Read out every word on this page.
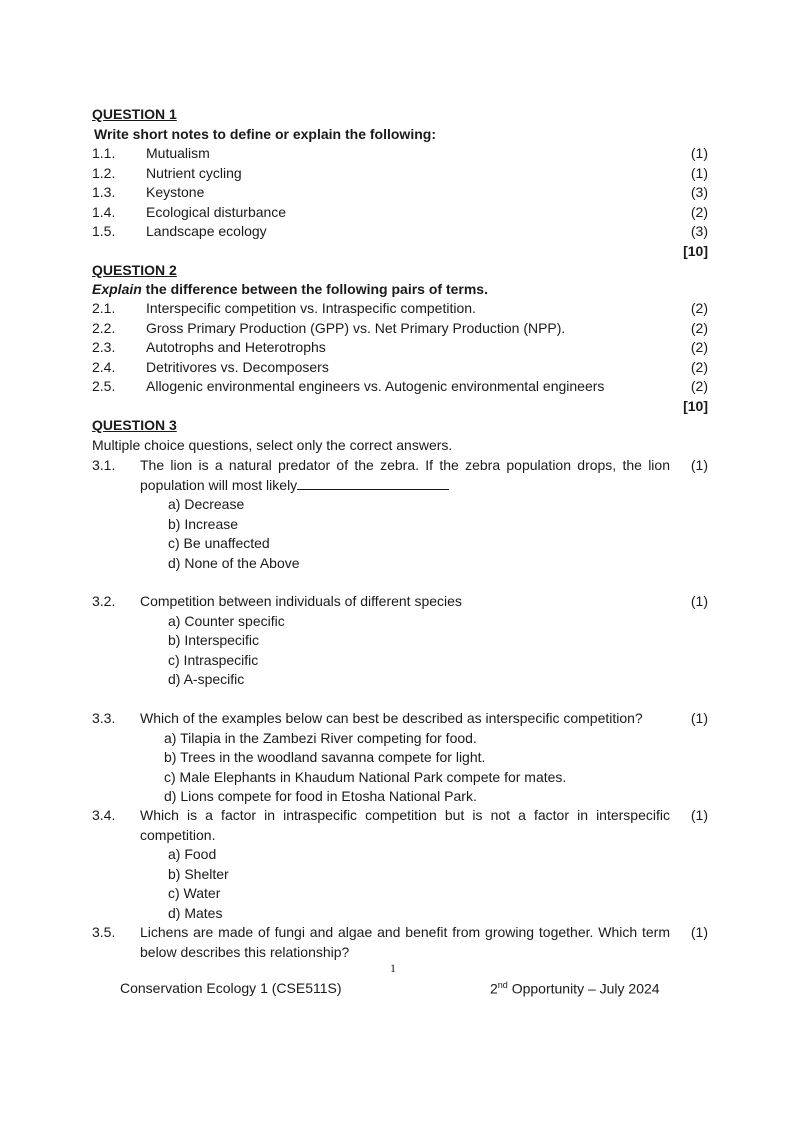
QUESTION 1
Write short notes to define or explain the following:
1.1. Mutualism	(1)
1.2. Nutrient cycling	(1)
1.3. Keystone	(3)
1.4. Ecological disturbance	(2)
1.5. Landscape ecology	(3)
[10]
QUESTION 2
Explain the difference between the following pairs of terms.
2.1. Interspecific competition vs. Intraspecific competition.	(2)
2.2. Gross Primary Production (GPP) vs. Net Primary Production (NPP).	(2)
2.3. Autotrophs and Heterotrophs	(2)
2.4. Detritivores vs. Decomposers	(2)
2.5. Allogenic environmental engineers vs. Autogenic environmental engineers	(2)
[10]
QUESTION 3
Multiple choice questions, select only the correct answers.
3.1. The lion is a natural predator of the zebra. If the zebra population drops, the lion population will most likely
(1)
a) Decrease
b) Increase
c) Be unaffected
d) None of the Above
3.2. Competition between individuals of different species	(1)
a) Counter specific
b) Interspecific
c) Intraspecific
d) A-specific
3.3. Which of the examples below can best be described as interspecific competition?	(1)
a) Tilapia in the Zambezi River competing for food.
b) Trees in the woodland savanna compete for light.
c) Male Elephants in Khaudum National Park compete for mates.
d) Lions compete for food in Etosha National Park.
3.4. Which is a factor in intraspecific competition but is not a factor in interspecific competition.
(1)
a) Food
b) Shelter
c) Water
d) Mates
3.5. Lichens are made of fungi and algae and benefit from growing together. Which term below describes this relationship?
(1)
1
Conservation Ecology 1 (CSE511S)	2nd Opportunity – July 2024
